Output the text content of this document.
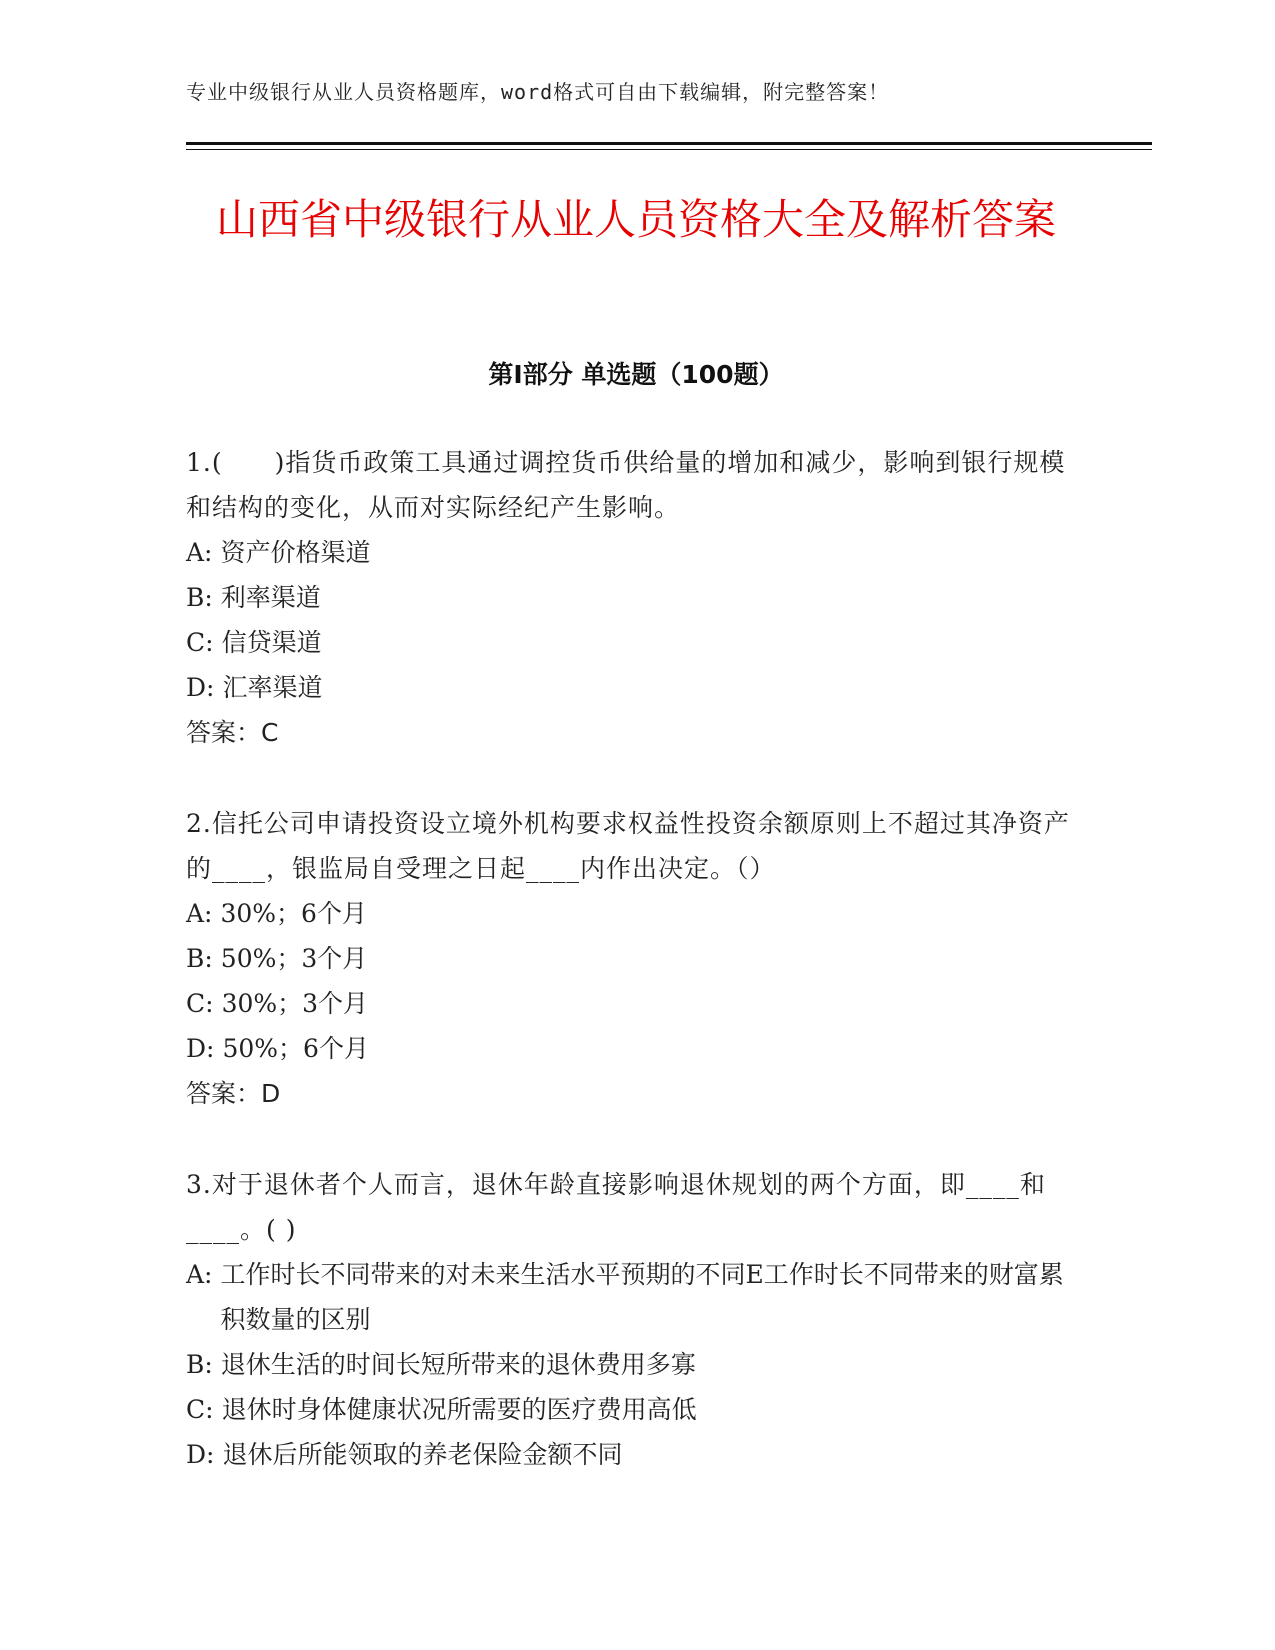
专业中级银行从业人员资格题库，word格式可自由下载编辑，附完整答案！
山西省中级银行从业人员资格大全及解析答案
第Ⅰ部分 单选题（100题）
1.(　　)指货币政策工具通过调控货币供给量的增加和减少，影响到银行规模和结构的变化，从而对实际经纪产生影响。
A: 资产价格渠道
B: 利率渠道
C: 信贷渠道
D: 汇率渠道
答案：C
2.信托公司申请投资设立境外机构要求权益性投资余额原则上不超过其净资产的____，银监局自受理之日起____内作出决定。（）
A: 30%；6个月
B: 50%；3个月
C: 30%；3个月
D: 50%；6个月
答案：D
3.对于退休者个人而言，退休年龄直接影响退休规划的两个方面，即____和____。( )
A: 工作时长不同带来的对未来生活水平预期的不同E工作时长不同带来的财富累积数量的区别
B: 退休生活的时间长短所带来的退休费用多寡
C: 退休时身体健康状况所需要的医疗费用高低
D: 退休后所能领取的养老保险金额不同
